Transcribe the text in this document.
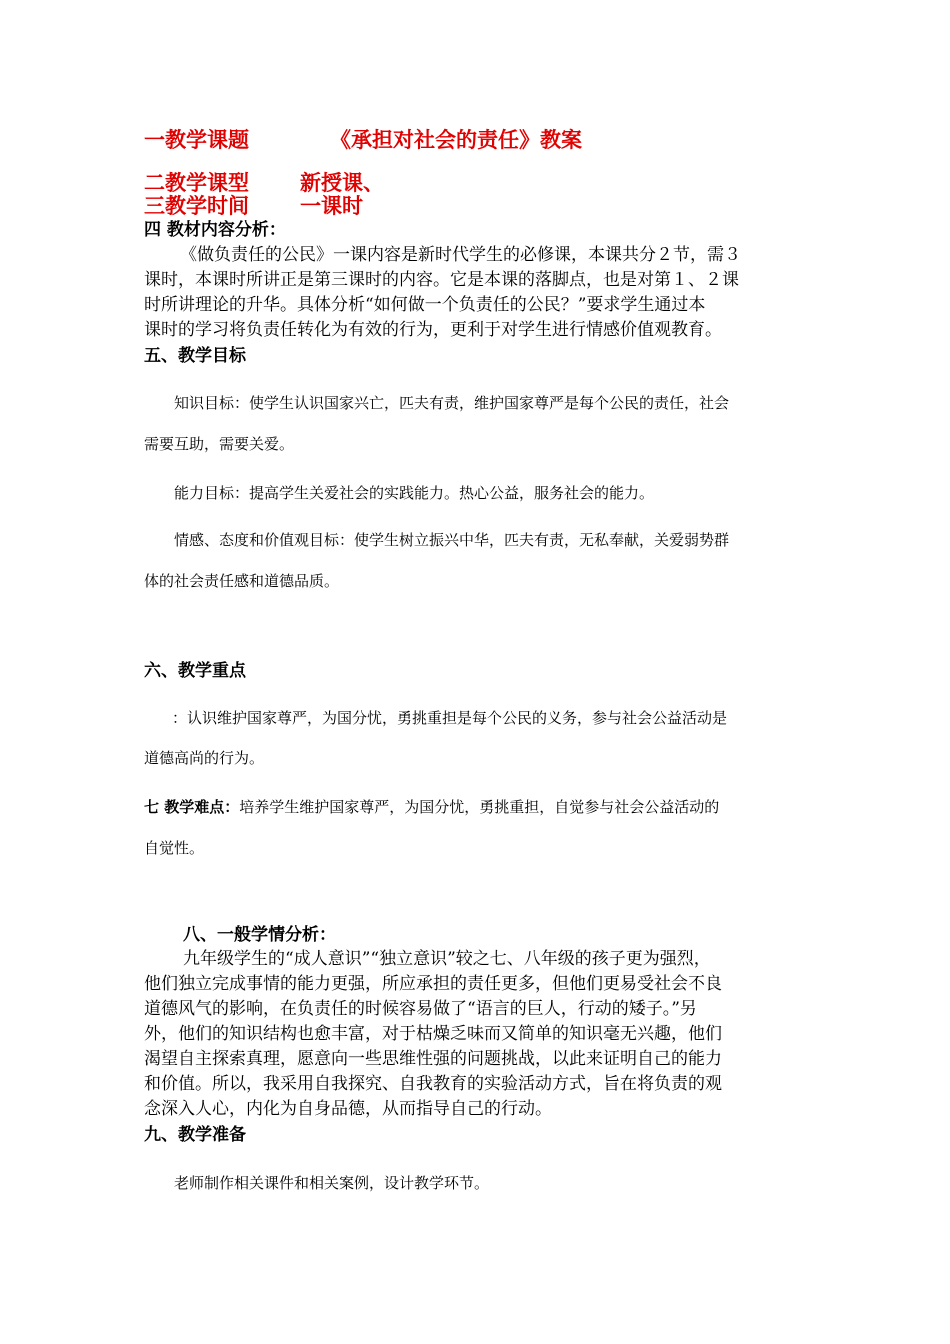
一教学课题	《承担对社会的责任》教案
二教学课型 新授课、
三教学时间 一课时
四 教材内容分析：
《做负责任的公民》一课内容是新时代学生的必修课，本课共分２节，需３
课时，本课时所讲正是第三课时的内容。它是本课的落脚点，也是对第１、２课
时所讲理论的升华。具体分析“如何做一个负责任的公民？”要求学生通过本
课时的学习将负责任转化为有效的行为，更利于对学生进行情感价值观教育。
五、教学目标
知识目标：使学生认识国家兴亡，匹夫有责，维护国家尊严是每个公民的责任，社会
需要互助，需要关爱。
能力目标：提高学生关爱社会的实践能力。热心公益，服务社会的能力。
情感、态度和价值观目标：使学生树立振兴中华，匹夫有责，无私奉献，关爱弱势群
体的社会责任感和道德品质。
六、教学重点
：认识维护国家尊严，为国分忧，勇挑重担是每个公民的义务，参与社会公益活动是
道德高尚的行为。
七 教学难点：培养学生维护国家尊严，为国分忧，勇挑重担，自觉参与社会公益活动的
自觉性。
八、一般学情分析：
九年级学生的“成人意识”“独立意识”较之七、八年级的孩子更为强烈，
他们独立完成事情的能力更强，所应承担的责任更多，但他们更易受社会不良
道德风气的影响，在负责任的时候容易做了“语言的巨人，行动的矮子。”另
外，他们的知识结构也愈丰富，对于枯燥乏味而又简单的知识毫无兴趣，他们
渴望自主探索真理，愿意向一些思维性强的问题挑战，以此来证明自己的能力
和价值。所以，我采用自我探究、自我教育的实验活动方式，旨在将负责的观
念深入人心，内化为自身品德，从而指导自己的行动。
九、教学准备
老师制作相关课件和相关案例，设计教学环节。
